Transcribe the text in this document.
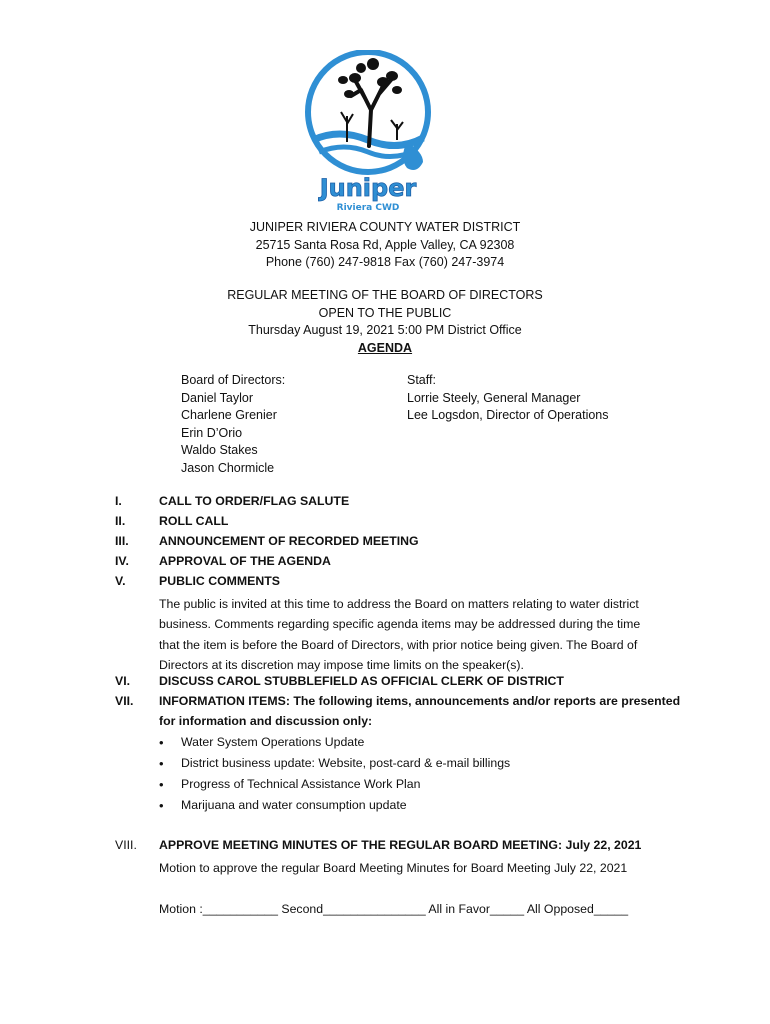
Juniper
Riviera CWD
JUNIPER RIVIERA COUNTY WATER DISTRICT
25715 Santa Rosa Rd, Apple Valley, CA 92308
Phone (760) 247-9818 Fax (760) 247-3974
REGULAR MEETING OF THE BOARD OF DIRECTORS
OPEN TO THE PUBLIC
Thursday August 19, 2021 5:00 PM District Office
AGENDA
Board of Directors:
Daniel Taylor
Charlene Grenier
Erin D’Orio
Waldo Stakes
Jason Chormicle
Staff:
Lorrie Steely, General Manager
Lee Logsdon, Director of Operations
I.	CALL TO ORDER/FLAG SALUTE
II.	ROLL CALL
III. ANNOUNCEMENT OF RECORDED MEETING
IV. APPROVAL OF THE AGENDA
V.	PUBLIC COMMENTS
The public is invited at this time to address the Board on matters relating to water district
business. Comments regarding specific agenda items may be addressed during the time
that the item is before the Board of Directors, with prior notice being given. The Board of
Directors at its discretion may impose time limits on the speaker(s).
VI. DISCUSS CAROL STUBBLEFIELD AS OFFICIAL CLERK OF DISTRICT
VII. INFORMATION ITEMS: The following items, announcements and/or reports are presented
for information and discussion only:
• Water System Operations Update
• District business update: Website, post-card & e-mail billings
• Progress of Technical Assistance Work Plan
• Marijuana and water consumption update
VIII. APPROVE MEETING MINUTES OF THE REGULAR BOARD MEETING: July 22, 2021
Motion to approve the regular Board Meeting Minutes for Board Meeting July 22, 2021
Motion :___________ Second_______________ All in Favor_____ All Opposed_____
